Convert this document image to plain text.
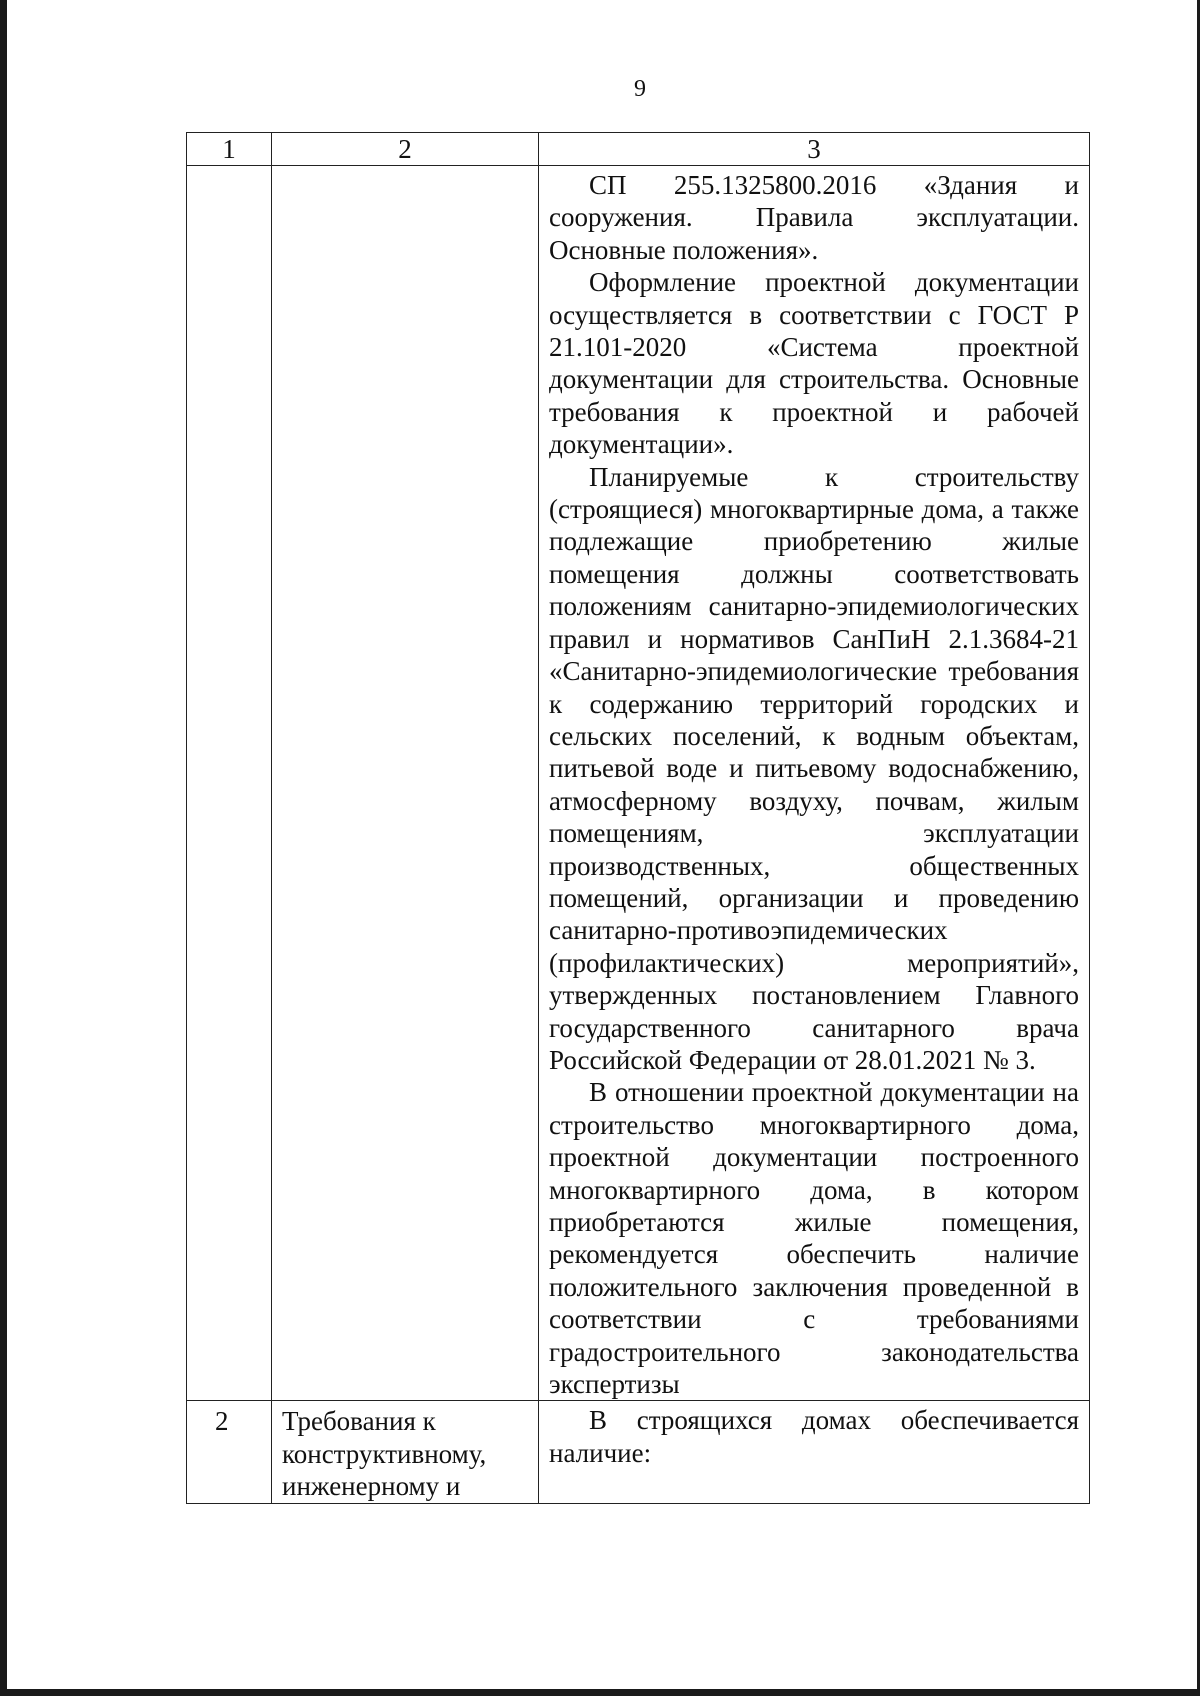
9
1	2	3

		СП 255.1325800.2016 «Здания и сооружения. Правила эксплуатации. Основные положения».

Оформление проектной документации осуществляется в соответствии с ГОСТ Р 21.101-2020 «Система проектной документации для строительства. Основные требования к проектной и рабочей документации».

Планируемые к строительству (строящиеся) многоквартирные дома, а также подлежащие приобретению жилые помещения должны соответствовать положениям санитарно-эпидемиологических правил и нормативов СанПиН 2.1.3684-21 «Санитарно-эпидемиологические требования к содержанию территорий городских и сельских поселений, к водным объектам, питьевой воде и питьевому водоснабжению, атмосферному воздуху, почвам, жилым помещениям, эксплуатации производственных, общественных помещений, организации и проведению санитарно-противоэпидемических (профилактических) мероприятий», утвержденных постановлением Главного государственного санитарного врача Российской Федерации от 28.01.2021 № 3.

В отношении проектной документации на строительство многоквартирного дома, проектной документации построенного многоквартирного дома, в котором приобретаются жилые помещения, рекомендуется обеспечить наличие положительного заключения проведенной в соответствии с требованиями градостроительного законодательства экспертизы

2	Требования к конструктивному, инженерному и	В строящихся домах обеспечивается наличие:
